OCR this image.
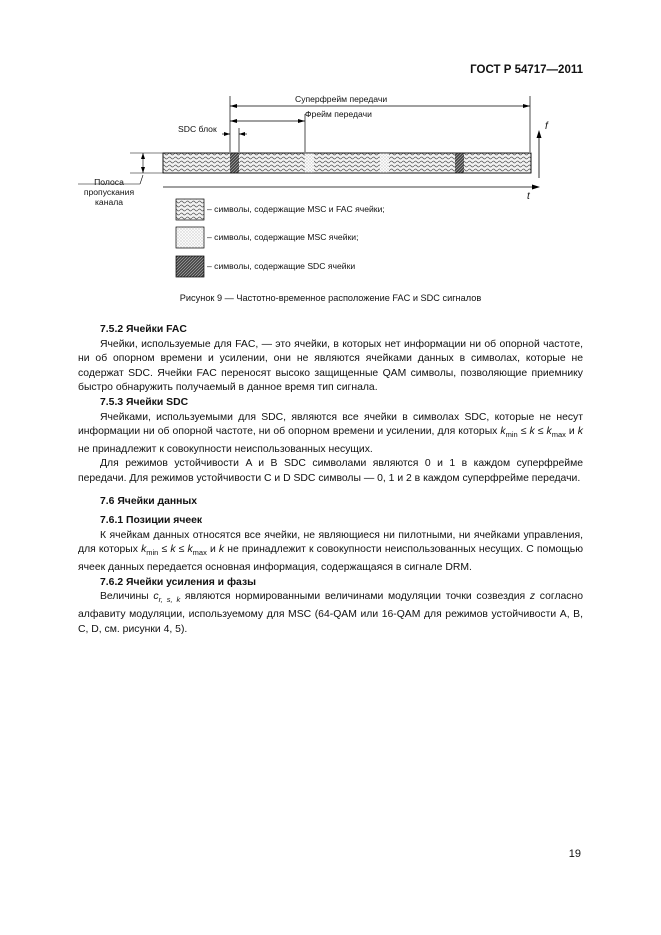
ГОСТ Р 54717—2011
Суперфрейм передачи
Фрейм передачи
SDC блок	f
t
Полоса
пропускания
канала
– символы, содержащие MSC и FAC ячейки;
– символы, содержащие MSC ячейки;
– символы, содержащие SDC ячейки
Рисунок 9 — Частотно-временное расположение FAC и SDC сигналов
7.5.2 Ячейки FAC

Ячейки, используемые для FAC, — это ячейки, в которых нет информации ни об опорной частоте, ни об опорном времени и усилении, они не являются ячейками данных в символах, которые не содержат SDC. Ячейки FAC переносят высоко защищенные QAM символы, позволяющие приемнику быстро обнаружить получаемый в данное время тип сигнала.

7.5.3 Ячейки SDC

Ячейками, используемыми для SDC, являются все ячейки в символах SDC, которые не несут информации ни об опорной частоте, ни об опорном времени и усилении, для которых $k_{min} \le k \le k_{max}$ и k не принадлежит к совокупности неиспользованных несущих.

Для режимов устойчивости A и B SDC символами являются 0 и 1 в каждом суперфрейме передачи. Для режимов устойчивости C и D SDC символы — 0, 1 и 2 в каждом суперфрейме передачи.

7.6 Ячейки данных
7.6.1 Позиции ячеек

К ячейкам данных относятся все ячейки, не являющиеся ни пилотными, ни ячейками управления, для которых $k_{min} \le k \le k_{max}$ и k не принадлежит к совокупности неиспользованных несущих. С помощью ячеек данных передается основная информация, содержащаяся в сигнале DRM.

7.6.2 Ячейки усиления и фазы

Величины $c_{r, s, k}$ являются нормированными величинами модуляции точки созвездия z согласно алфавиту модуляции, используемому для MSC (64-QAM или 16-QAM для режимов устойчивости A, B, C, D, см. рисунки 4, 5).

19
